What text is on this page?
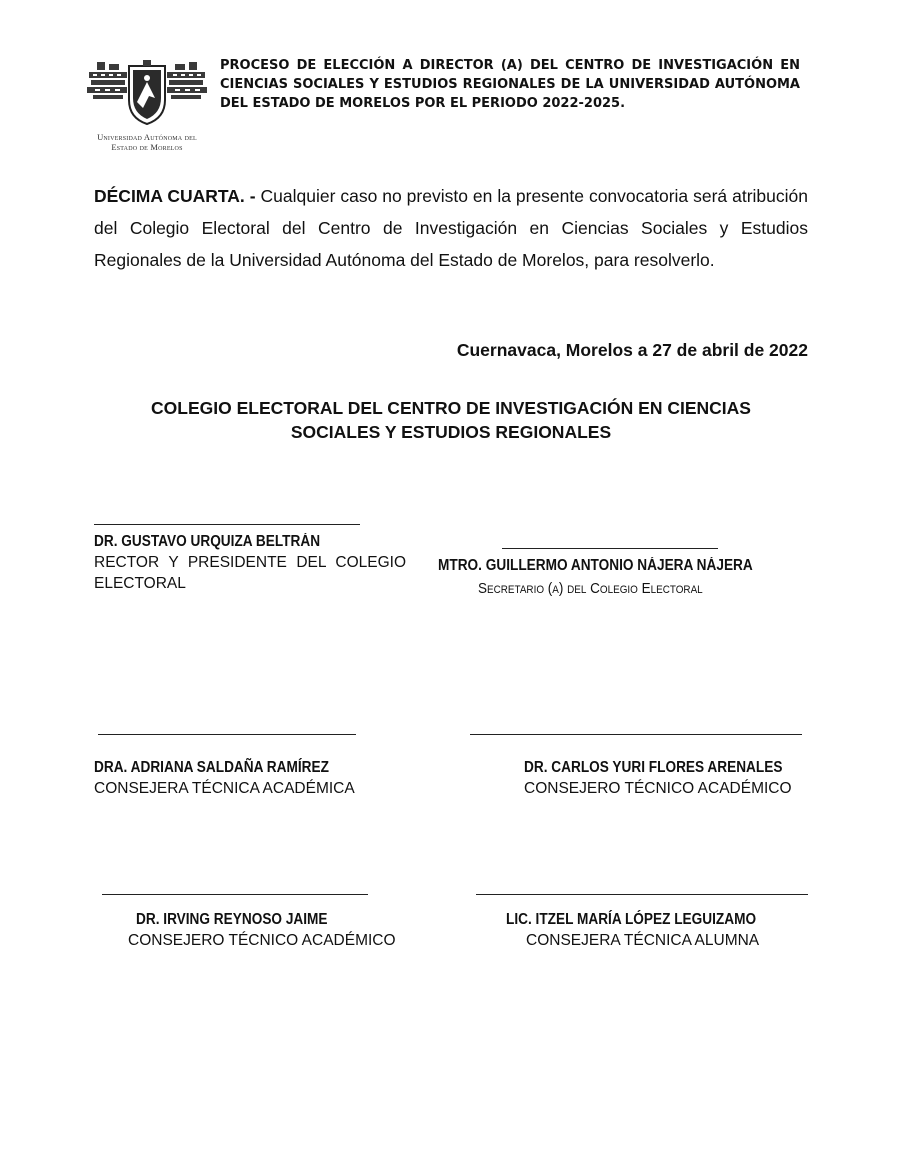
Universidad Autónoma del
Estado de Morelos
PROCESO DE ELECCIÓN A DIRECTOR (A) DEL CENTRO DE INVESTIGACIÓN EN CIENCIAS SOCIALES Y ESTUDIOS REGIONALES DE LA UNIVERSIDAD AUTÓNOMA DEL ESTADO DE MORELOS POR EL PERIODO 2022-2025.
DÉCIMA CUARTA. - Cualquier caso no previsto en la presente convocatoria será atribución del Colegio Electoral del Centro de Investigación en Ciencias Sociales y Estudios Regionales de la Universidad Autónoma del Estado de Morelos, para resolverlo.
Cuernavaca, Morelos a 27 de abril de 2022
COLEGIO ELECTORAL DEL CENTRO DE INVESTIGACIÓN EN CIENCIAS
SOCIALES Y ESTUDIOS REGIONALES
DR. GUSTAVO URQUIZA BELTRÁN
RECTOR Y PRESIDENTE DEL COLEGIO ELECTORAL
MTRO. GUILLERMO ANTONIO NÁJERA NÁJERA
Secretario (a) del Colegio Electoral
DRA. ADRIANA SALDAÑA RAMÍREZ
CONSEJERA TÉCNICA ACADÉMICA
DR. CARLOS YURI FLORES ARENALES
CONSEJERO TÉCNICO ACADÉMICO
DR. IRVING REYNOSO JAIME
CONSEJERO TÉCNICO ACADÉMICO
LIC. ITZEL MARÍA LÓPEZ LEGUIZAMO
CONSEJERA TÉCNICA ALUMNA
